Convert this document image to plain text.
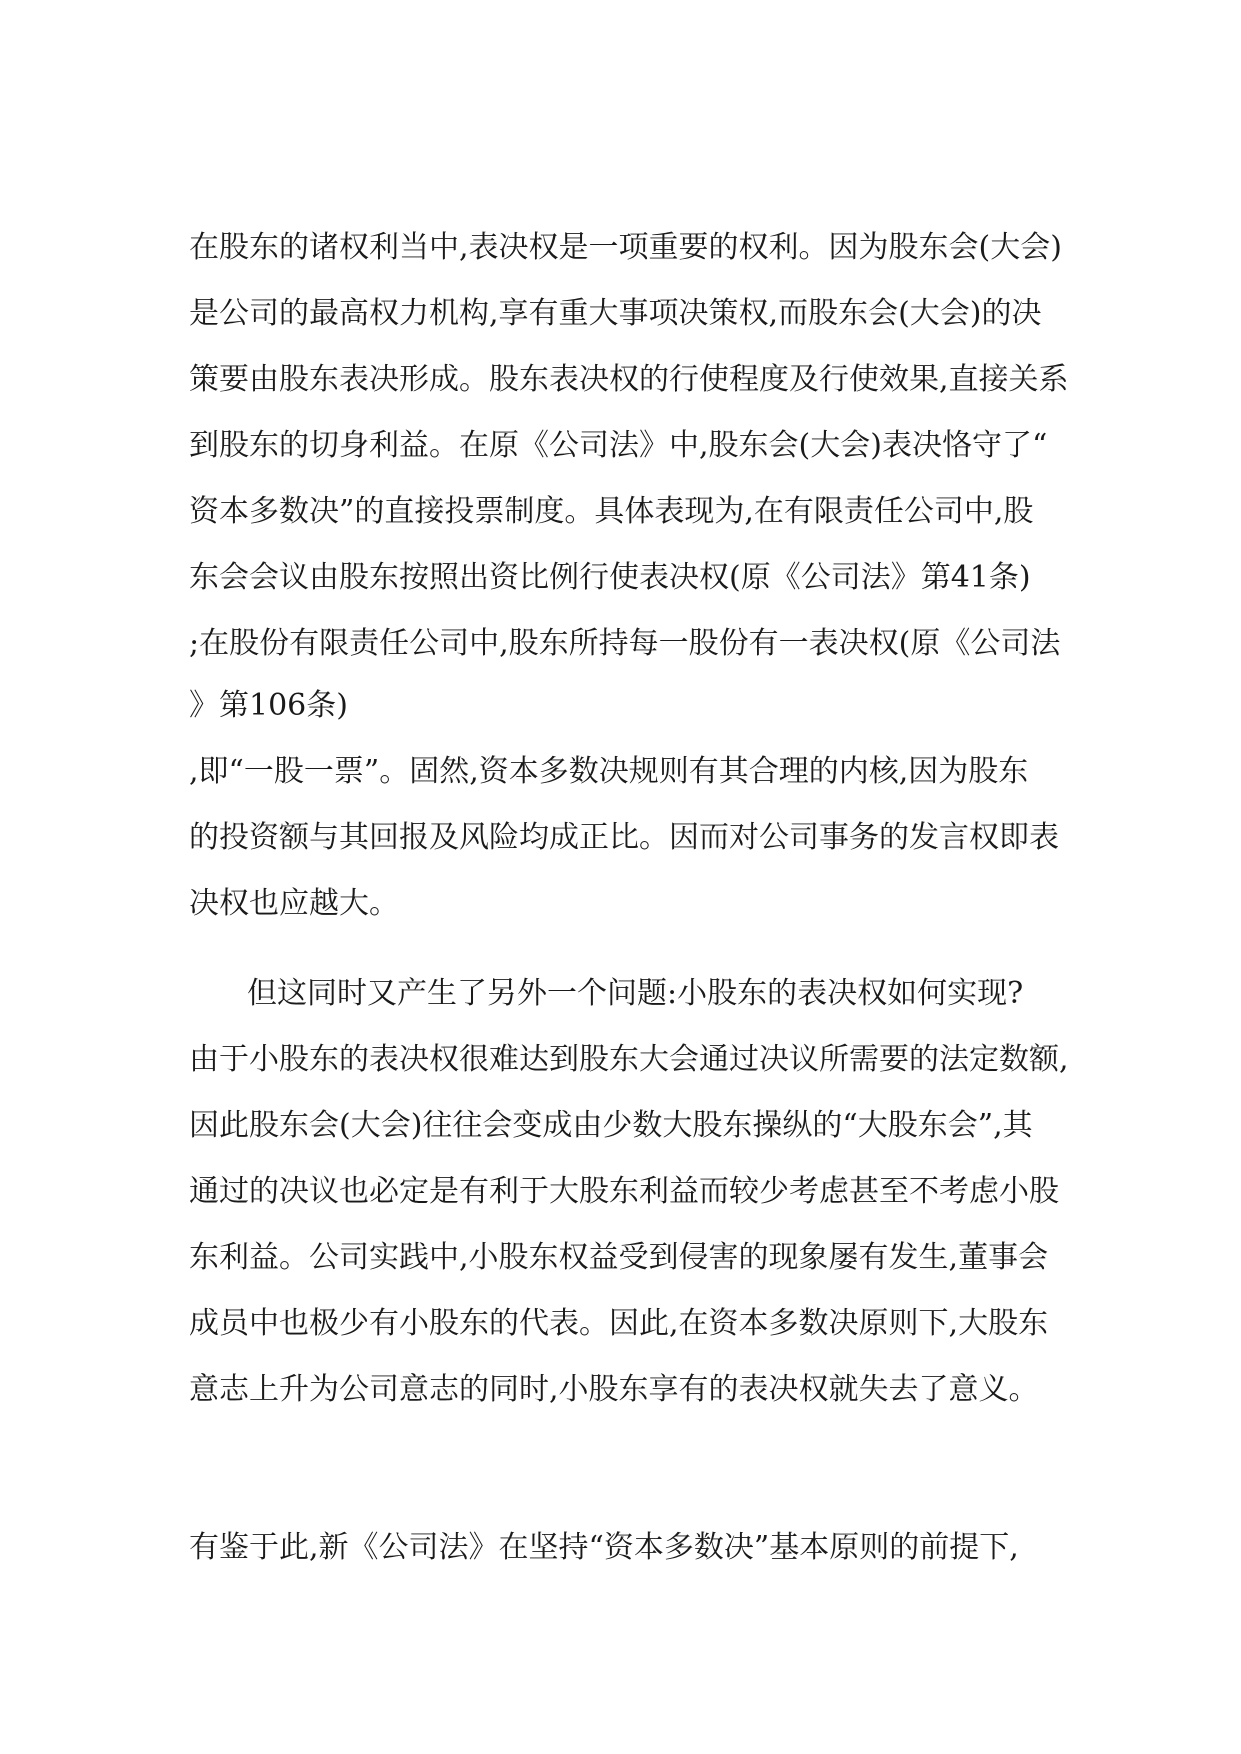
在股东的诸权利当中,表决权是一项重要的权利。因为股东会(大会)

是公司的最高权力机构,享有重大事项决策权,而股东会(大会)的决

策要由股东表决形成。股东表决权的行使程度及行使效果,直接关系

到股东的切身利益。在原《公司法》中,股东会(大会)表决恪守了“

资本多数决”的直接投票制度。具体表现为,在有限责任公司中,股

东会会议由股东按照出资比例行使表决权(原《公司法》第41条)

;在股份有限责任公司中,股东所持每一股份有一表决权(原《公司法

》第106条)

,即“一股一票”。固然,资本多数决规则有其合理的内核,因为股东

的投资额与其回报及风险均成正比。因而对公司事务的发言权即表

决权也应越大。

但这同时又产生了另外一个问题:小股东的表决权如何实现?

由于小股东的表决权很难达到股东大会通过决议所需要的法定数额,

因此股东会(大会)往往会变成由少数大股东操纵的“大股东会”,其

通过的决议也必定是有利于大股东利益而较少考虑甚至不考虑小股

东利益。公司实践中,小股东权益受到侵害的现象屡有发生,董事会

成员中也极少有小股东的代表。因此,在资本多数决原则下,大股东

意志上升为公司意志的同时,小股东享有的表决权就失去了意义。

有鉴于此,新《公司法》在坚持“资本多数决”基本原则的前提下,
